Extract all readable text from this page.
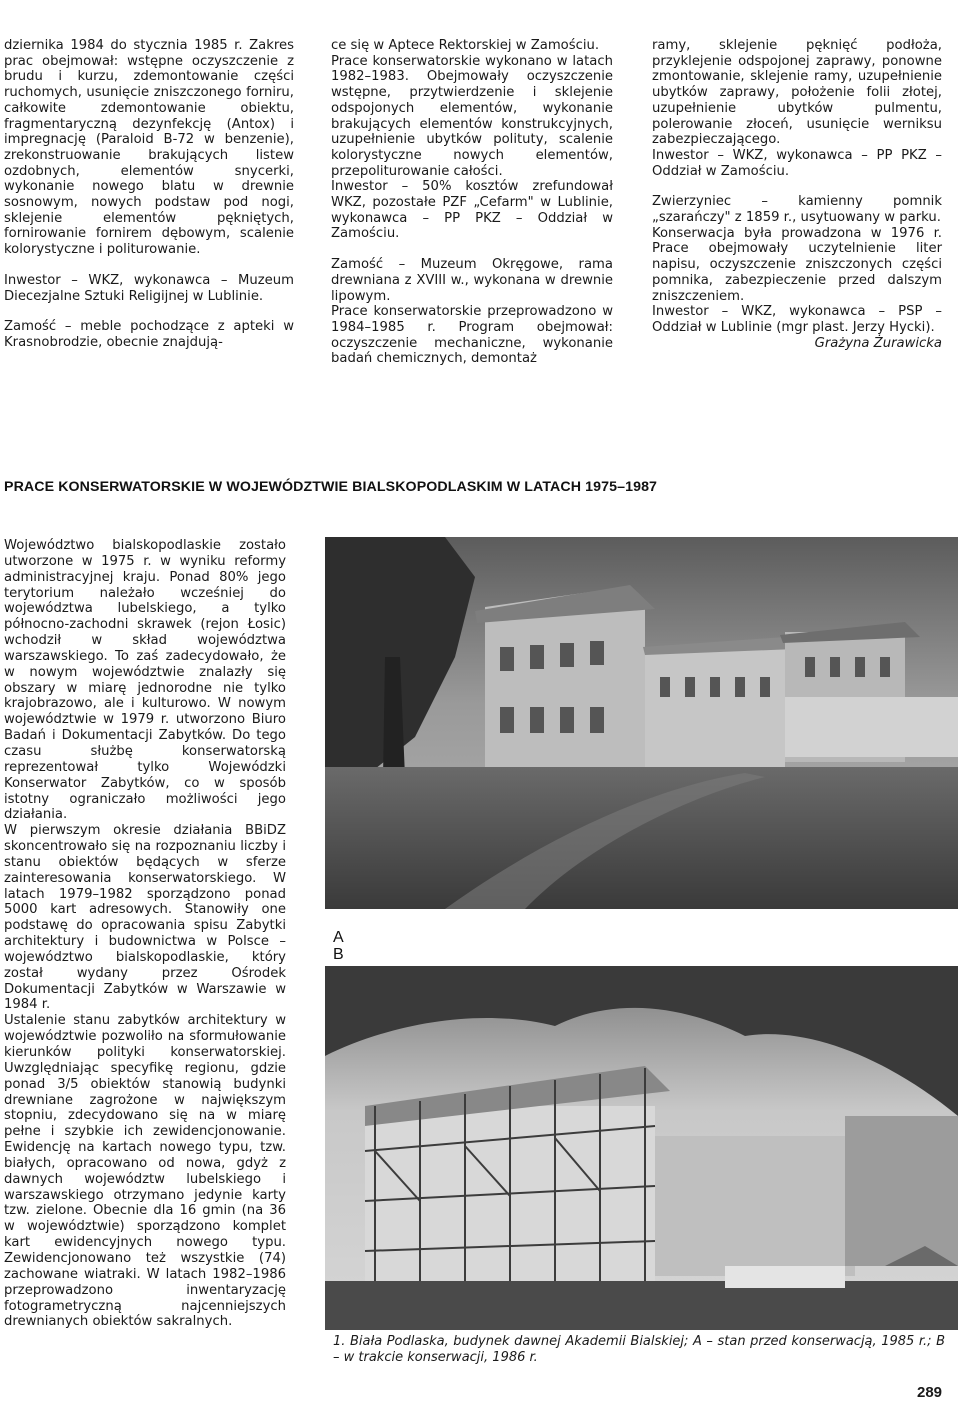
dziernika 1984 do stycznia 1985 r. Zakres prac obejmował: wstępne oczyszczenie z brudu i kurzu, zdemontowanie części ruchomych, usunięcie zniszczonego forniru, całkowite zdemontowanie obiektu, fragmentaryczną dezynfekcję (Antox) i impregnację (Paraloid B-72 w benzenie), zrekonstruowanie brakujących listew ozdobnych, elementów snycerki, wykonanie nowego blatu w drewnie sosnowym, nowych podstaw pod nogi, sklejenie elementów pękniętych, fornirowanie fornirem dębowym, scalenie kolorystyczne i politurowanie.

Inwestor – WKZ, wykonawca – Muzeum Diecezjalne Sztuki Religijnej w Lublinie.

Zamość – meble pochodzące z apteki w Krasnobrodzie, obecnie znajdują-

ce się w Aptece Rektorskiej w Zamościu.

Prace konserwatorskie wykonano w latach 1982–1983. Obejmowały oczyszczenie wstępne, przytwierdzenie i sklejenie odspojonych elementów, wykonanie brakujących elementów konstrukcyjnych, uzupełnienie ubytków polituty, scalenie kolorystyczne nowych elementów, przepoliturowanie całości.

Inwestor – 50% kosztów zrefundował WKZ, pozostałe PZF „Cefarm" w Lublinie, wykonawca – PP PKZ – Oddział w Zamościu.

Zamość – Muzeum Okręgowe, rama drewniana z XVIII w., wykonana w drewnie lipowym.

Prace konserwatorskie przeprowadzono w 1984–1985 r. Program obejmował: oczyszczenie mechaniczne, wykonanie badań chemicznych, demontaż

ramy, sklejenie pęknięć podłoża, przyklejenie odspojonej zaprawy, ponowne zmontowanie, sklejenie ramy, uzupełnienie ubytków zaprawy, położenie folii złotej, uzupełnienie ubytków pulmentu, polerowanie złoceń, usunięcie werniksu zabezpieczającego.

Inwestor – WKZ, wykonawca – PP PKZ – Oddział w Zamościu.

Zwierzyniec – kamienny pomnik „szarańczy" z 1859 r., usytuowany w parku.

Konserwacja była prowadzona w 1976 r. Prace obejmowały uczytelnienie liter napisu, oczyszczenie zniszczonych części pomnika, zabezpieczenie przed dalszym zniszczeniem.

Inwestor – WKZ, wykonawca – PSP – Oddział w Lublinie (mgr plast. Jerzy Hycki).

Grażyna Żurawicka

PRACE KONSERWATORSKIE W WOJEWÓDZTWIE BIALSKOPODLASKIM W LATACH 1975–1987

Województwo bialskopodlaskie zostało utworzone w 1975 r. w wyniku reformy administracyjnej kraju. Ponad 80% jego terytorium należało wcześniej do województwa lubelskiego, a tylko północno-zachodni skrawek (rejon Łosic) wchodził w skład województwa warszawskiego. To zaś zadecydowało, że w nowym województwie znalazły się obszary w miarę jednorodne nie tylko krajobrazowo, ale i kulturowo. W nowym województwie w 1979 r. utworzono Biuro Badań i Dokumentacji Zabytków. Do tego czasu służbę konserwatorską reprezentował tylko Wojewódzki Konserwator Zabytków, co w sposób istotny ograniczało możliwości jego działania.

W pierwszym okresie działania BBiDZ skoncentrowało się na rozpoznaniu liczby i stanu obiektów będących w sferze zainteresowania konserwatorskiego. W latach 1979–1982 sporządzono ponad 5000 kart adresowych. Stanowiły one podstawę do opracowania spisu Zabytki architektury i budownictwa w Polsce – województwo bialskopodlaskie, który został wydany przez Ośrodek Dokumentacji Zabytków w Warszawie w 1984 r.

Ustalenie stanu zabytków architektury w województwie pozwoliło na sformułowanie kierunków polityki konserwatorskiej. Uwzględniając specyfikę regionu, gdzie ponad 3/5 obiektów stanowią budynki drewniane zagrożone w największym stopniu, zdecydowano się na w miarę pełne i szybkie ich zewidencjonowanie. Ewidencję na kartach nowego typu, tzw. białych, opracowano od nowa, gdyż z dawnych województw lubelskiego i warszawskiego otrzymano jedynie karty tzw. zielone. Obecnie dla 16 gmin (na 36 w województwie) sporządzono komplet kart ewidencyjnych nowego typu. Zewidencjonowano też wszystkie (74) zachowane wiatraki. W latach 1982–1986 przeprowadzono inwentaryzację fotogrametryczną najcenniejszych drewnianych obiektów sakralnych.

A
B
1. Biała Podlaska, budynek dawnej Akademii Bialskiej; A – stan przed konserwacją, 1985 r.; B – w trakcie konserwacji, 1986 r.
289
